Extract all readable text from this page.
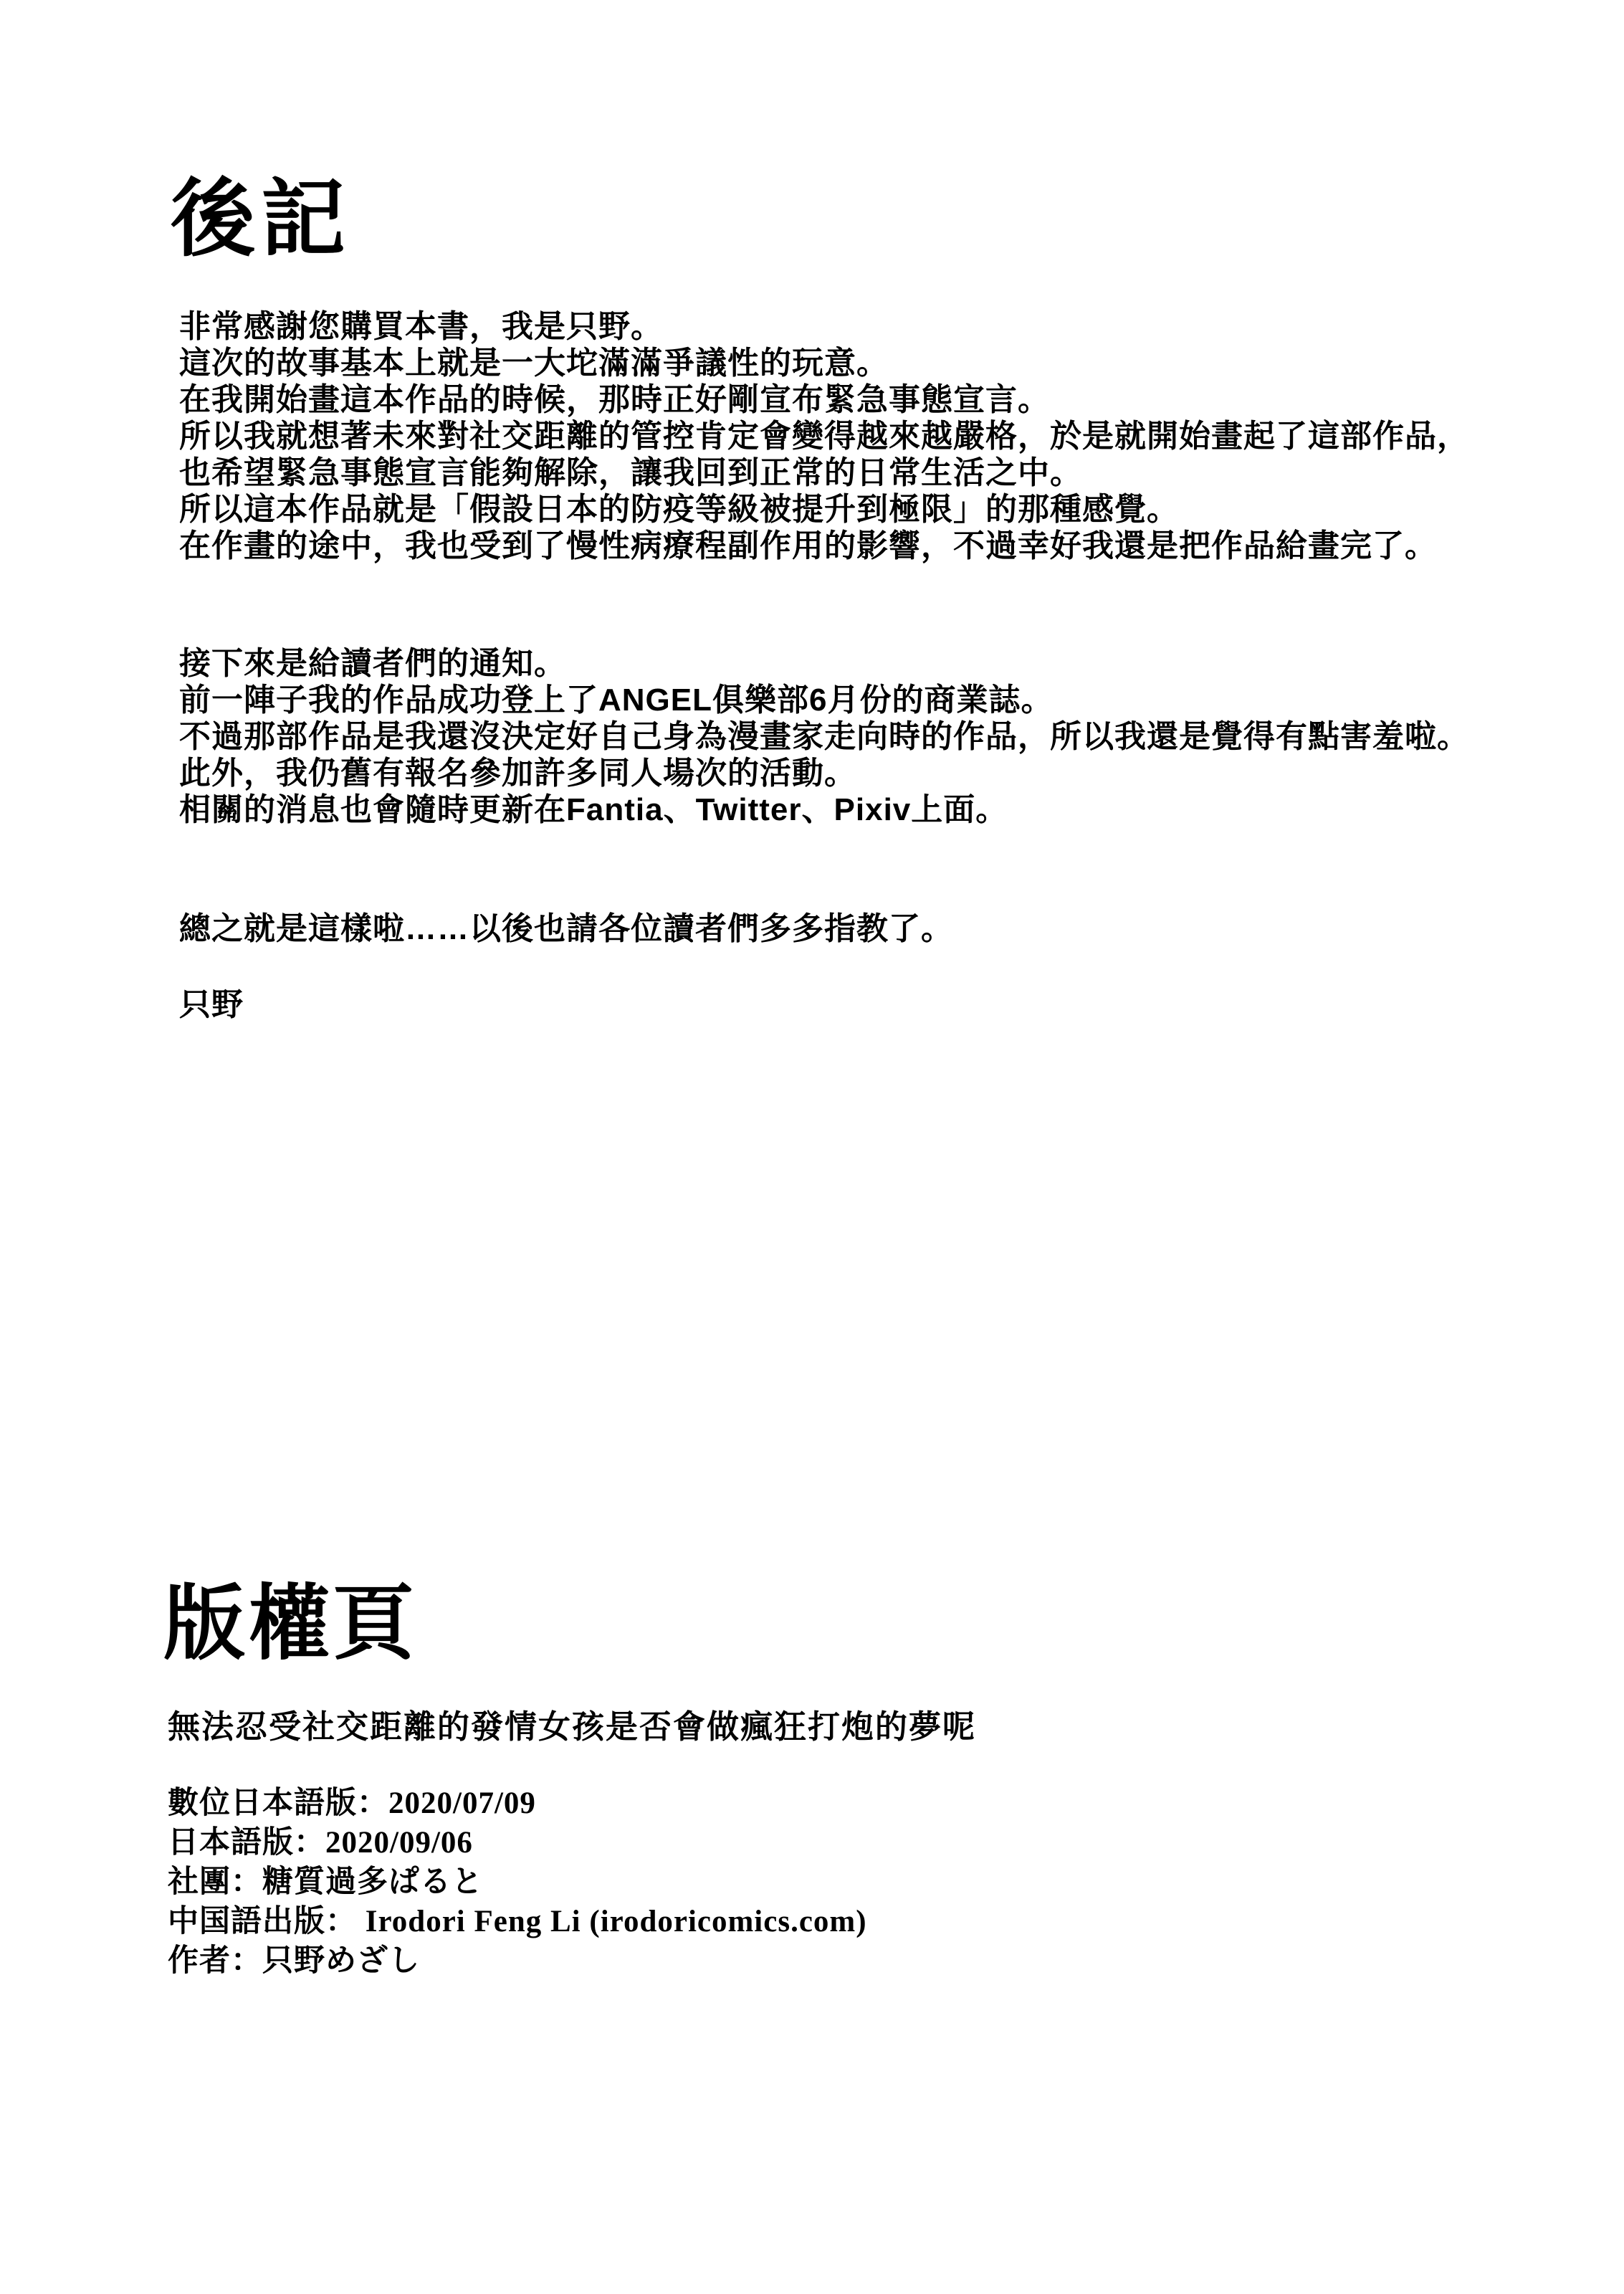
後記
非常感謝您購買本書，我是只野。
這次的故事基本上就是一大坨滿滿爭議性的玩意。
在我開始畫這本作品的時候，那時正好剛宣布緊急事態宣言。
所以我就想著未來對社交距離的管控肯定會變得越來越嚴格，於是就開始畫起了這部作品，
也希望緊急事態宣言能夠解除，讓我回到正常的日常生活之中。
所以這本作品就是「假設日本的防疫等級被提升到極限」的那種感覺。
在作畫的途中，我也受到了慢性病療程副作用的影響，不過幸好我還是把作品給畫完了。
接下來是給讀者們的通知。
前一陣子我的作品成功登上了ANGEL俱樂部6月份的商業誌。
不過那部作品是我還沒決定好自己身為漫畫家走向時的作品，所以我還是覺得有點害羞啦。
此外，我仍舊有報名參加許多同人場次的活動。
相關的消息也會隨時更新在Fantia、Twitter、Pixiv上面。
總之就是這樣啦……以後也請各位讀者們多多指教了。
只野
版權頁
無法忍受社交距離的發情女孩是否會做瘋狂打炮的夢呢
數位日本語版：2020/07/09
日本語版：2020/09/06
社團：糖質過多ぱると
中国語出版： Irodori Feng Li (irodoricomics.com)
作者：只野めざし
